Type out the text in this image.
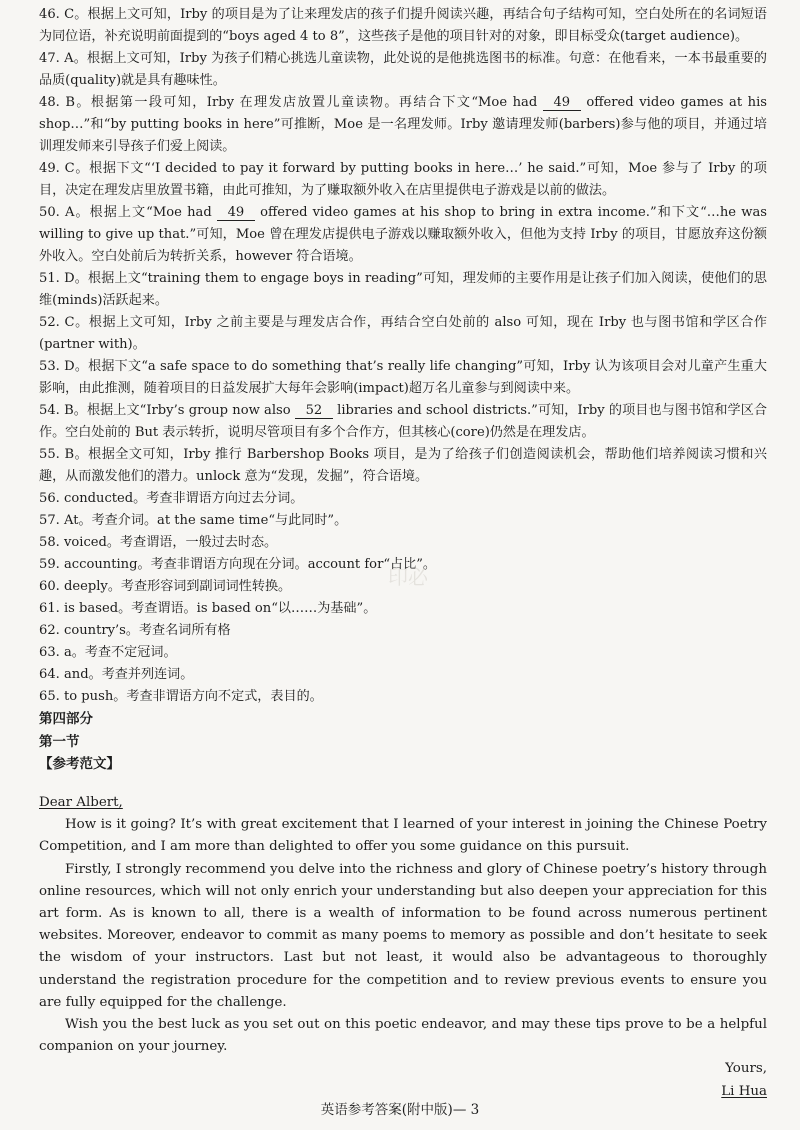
46. C。根据上文可知，Irby 的项目是为了让来理发店的孩子们提升阅读兴趣，再结合句子结构可知，空白处所在的名词短语为同位语，补充说明前面提到的“boys aged 4 to 8”，这些孩子是他的项目针对的对象，即目标受众(target audience)。

47. A。根据上文可知，Irby 为孩子们精心挑选儿童读物，此处说的是他挑选图书的标准。句意：在他看来，一本书最重要的品质(quality)就是具有趣味性。

48. B。根据第一段可知，Irby 在理发店放置儿童读物。再结合下文“Moe had 49 offered video games at his shop…”和“by putting books in here”可推断，Moe 是一名理发师。Irby 邀请理发师(barbers)参与他的项目，并通过培训理发师来引导孩子们爱上阅读。

49. C。根据下文“‘I decided to pay it forward by putting books in here…’ he said.”可知，Moe 参与了 Irby 的项目，决定在理发店里放置书籍，由此可推知，为了赚取额外收入在店里提供电子游戏是以前的做法。

50. A。根据上文“Moe had 49 offered video games at his shop to bring in extra income.”和下文“…he was willing to give up that.”可知，Moe 曾在理发店提供电子游戏以赚取额外收入，但他为支持 Irby 的项目，甘愿放弃这份额外收入。空白处前后为转折关系，however 符合语境。

51. D。根据上文“training them to engage boys in reading”可知，理发师的主要作用是让孩子们加入阅读，使他们的思维(minds)活跃起来。

52. C。根据上文可知，Irby 之前主要是与理发店合作，再结合空白处前的 also 可知，现在 Irby 也与图书馆和学区合作(partner with)。

53. D。根据下文“a safe space to do something that’s really life changing”可知，Irby 认为该项目会对儿童产生重大影响，由此推测，随着项目的日益发展扩大每年会影响(impact)超万名儿童参与到阅读中来。

54. B。根据上文“Irby’s group now also 52 libraries and school districts.”可知，Irby 的项目也与图书馆和学区合作。空白处前的 But 表示转折，说明尽管项目有多个合作方，但其核心(core)仍然是在理发店。

55. B。根据全文可知，Irby 推行 Barbershop Books 项目，是为了给孩子们创造阅读机会，帮助他们培养阅读习惯和兴趣，从而激发他们的潜力。unlock 意为“发现，发掘”，符合语境。

56. conducted。考查非谓语方向过去分词。

57. At。考查介词。at the same time“与此同时”。

58. voiced。考查谓语，一般过去时态。

59. accounting。考查非谓语方向现在分词。account for“占比”。

60. deeply。考查形容词到副词词性转换。

61. is based。考查谓语。is based on“以……为基础”。

62. country’s。考查名词所有格

63. a。考查不定冠词。

64. and。考查并列连词。

65. to push。考查非谓语方向不定式，表目的。

第四部分

第一节

【参考范文】

Dear Albert,

How is it going? It’s with great excitement that I learned of your interest in joining the Chinese Poetry Competition, and I am more than delighted to offer you some guidance on this pursuit.

Firstly, I strongly recommend you delve into the richness and glory of Chinese poetry’s history through online resources, which will not only enrich your understanding but also deepen your appreciation for this art form. As is known to all, there is a wealth of information to be found across numerous pertinent websites. Moreover, endeavor to commit as many poems to memory as possible and don’t hesitate to seek the wisdom of your instructors. Last but not least, it would also be advantageous to thoroughly understand the registration procedure for the competition and to review previous events to ensure you are fully equipped for the challenge.

Wish you the best luck as you set out on this poetic endeavor, and may these tips prove to be a helpful companion on your journey.

Yours,

Li Hua

印必
英语参考答案(附中版)— 3
